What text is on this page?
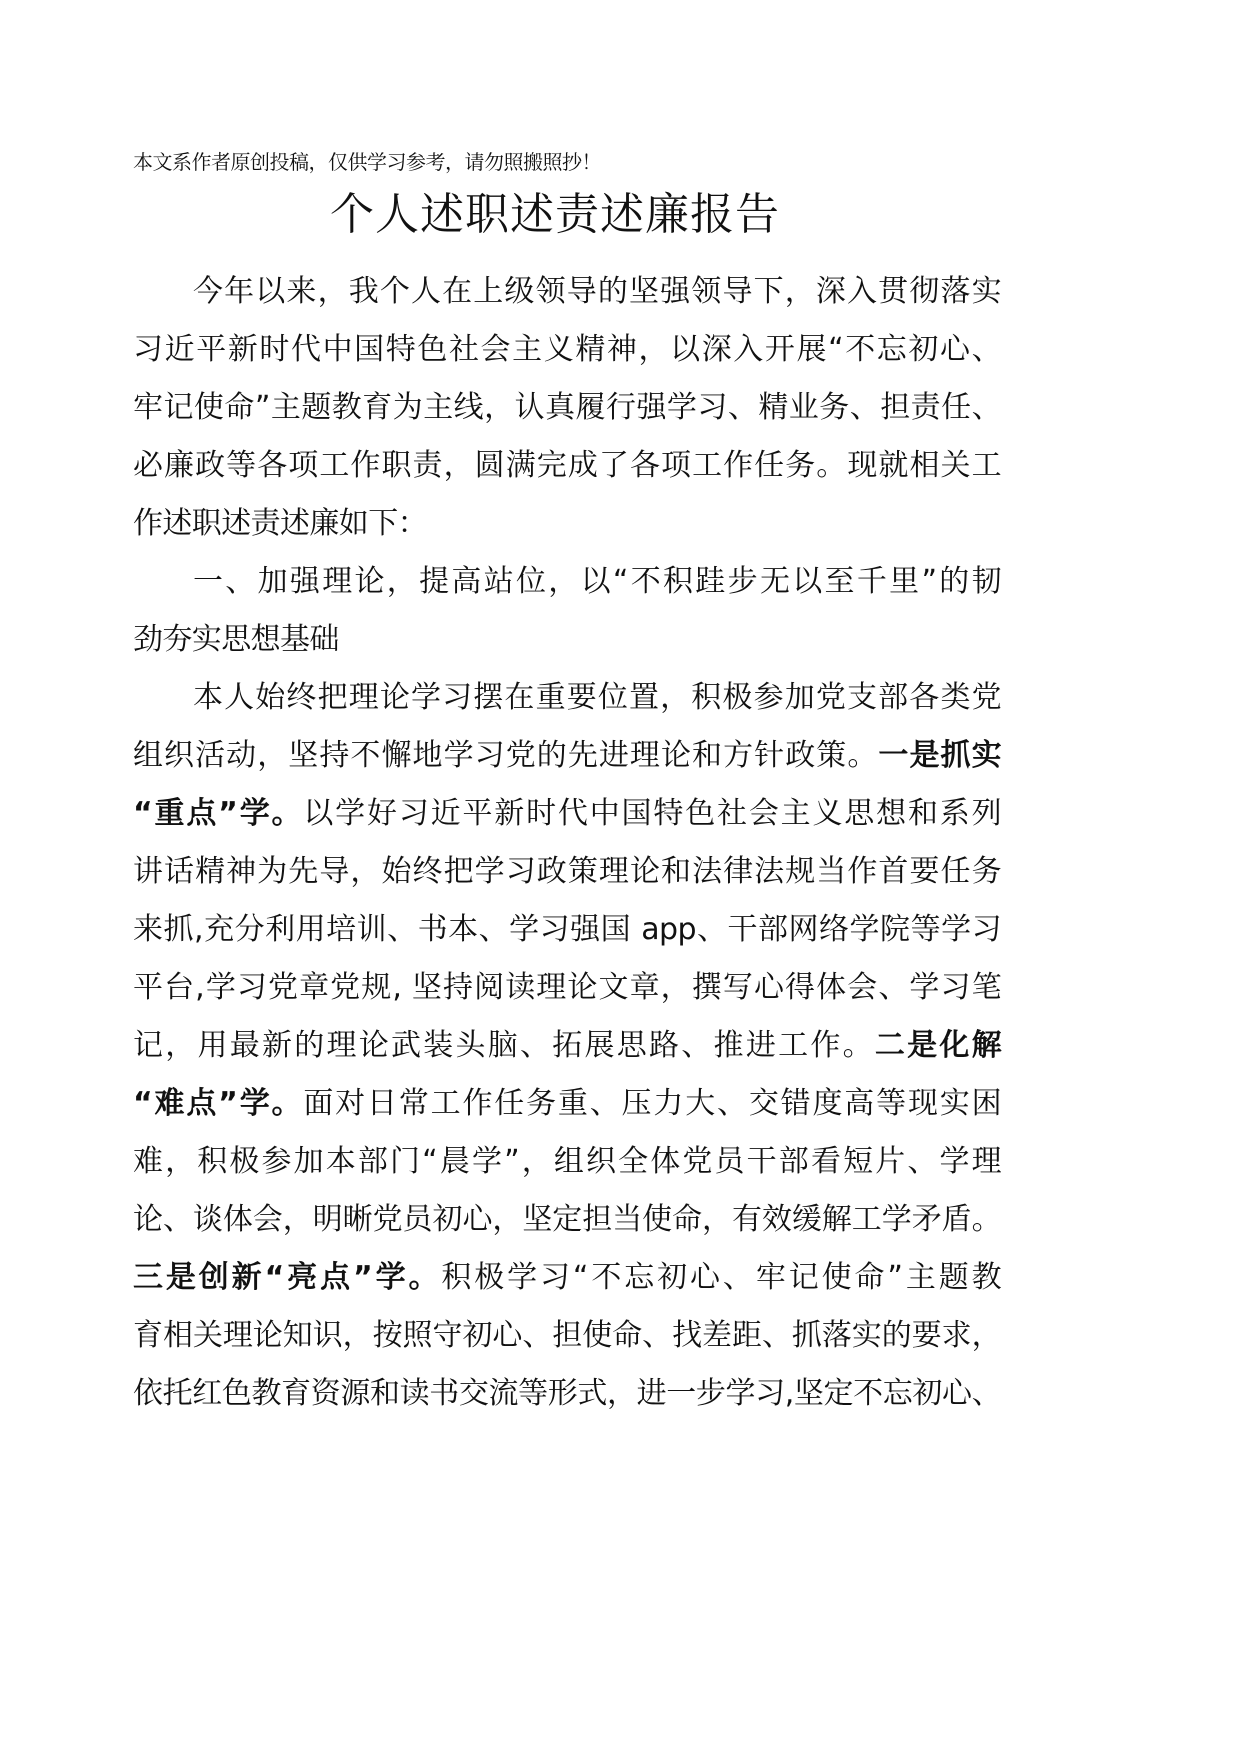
本文系作者原创投稿，仅供学习参考，请勿照搬照抄！
个人述职述责述廉报告
今年以来，我个人在上级领导的坚强领导下，深入贯彻落实
习近平新时代中国特色社会主义精神，以深入开展“不忘初心、
牢记使命”主题教育为主线，认真履行强学习、精业务、担责任、
必廉政等各项工作职责，圆满完成了各项工作任务。现就相关工
作述职述责述廉如下：
一、加强理论，提高站位，以“不积跬步无以至千里”的韧
劲夯实思想基础
本人始终把理论学习摆在重要位置，积极参加党支部各类党
组织活动，坚持不懈地学习党的先进理论和方针政策。一是抓实
“重点”学。以学好习近平新时代中国特色社会主义思想和系列
讲话精神为先导，始终把学习政策理论和法律法规当作首要任务
来抓,充分利用培训、书本、学习强国 app、干部网络学院等学习
平台,学习党章党规, 坚持阅读理论文章，撰写心得体会、学习笔
记，用最新的理论武装头脑、拓展思路、推进工作。二是化解
“难点”学。面对日常工作任务重、压力大、交错度高等现实困
难，积极参加本部门“晨学”，组织全体党员干部看短片、学理
论、谈体会，明晰党员初心，坚定担当使命，有效缓解工学矛盾。
三是创新“亮点”学。积极学习“不忘初心、牢记使命”主题教
育相关理论知识，按照守初心、担使命、找差距、抓落实的要求，
依托红色教育资源和读书交流等形式，进一步学习,坚定不忘初心、
